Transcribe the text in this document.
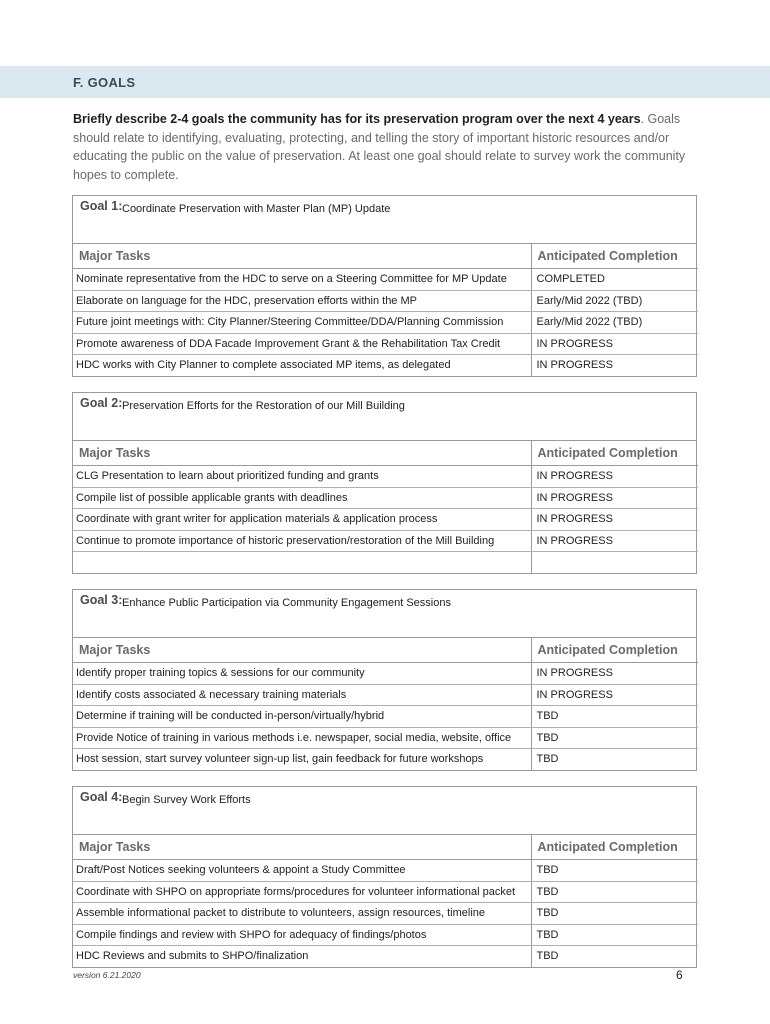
F. GOALS
Briefly describe 2-4 goals the community has for its preservation program over the next 4 years. Goals should relate to identifying, evaluating, protecting, and telling the story of important historic resources and/or educating the public on the value of preservation. At least one goal should relate to survey work the community hopes to complete.
Goal 1: Coordinate Preservation with Master Plan (MP) Update
Major Tasks	Anticipated Completion
Nominate representative from the HDC to serve on a Steering Committee for MP Update	COMPLETED
Elaborate on language for the HDC, preservation efforts within the MP	Early/Mid 2022 (TBD)
Future joint meetings with: City Planner/Steering Committee/DDA/Planning Commission	Early/Mid 2022 (TBD)
Promote awareness of DDA Facade Improvement Grant & the Rehabilitation Tax Credit	IN PROGRESS
HDC works with City Planner to complete associated MP items, as delegated	IN PROGRESS
Goal 2: Preservation Efforts for the Restoration of our Mill Building
Major Tasks	Anticipated Completion
CLG Presentation to learn about prioritized funding and grants	IN PROGRESS
Compile list of possible applicable grants with deadlines	IN PROGRESS
Coordinate with grant writer for application materials & application process	IN PROGRESS
Continue to promote importance of historic preservation/restoration of the Mill Building	IN PROGRESS

Goal 3: Enhance Public Participation via Community Engagement Sessions
Major Tasks	Anticipated Completion
Identify proper training topics & sessions for our community	IN PROGRESS
Identify costs associated & necessary training materials	IN PROGRESS
Determine if training will be conducted in-person/virtually/hybrid	TBD
Provide Notice of training in various methods i.e. newspaper, social media, website, office	TBD
Host session, start survey volunteer sign-up list, gain feedback for future workshops	TBD
Goal 4: Begin Survey Work Efforts
Major Tasks	Anticipated Completion
Draft/Post Notices seeking volunteers & appoint a Study Committee	TBD
Coordinate with SHPO on appropriate forms/procedures for volunteer informational packet	TBD
Assemble informational packet to distribute to volunteers, assign resources, timeline	TBD
Compile findings and review with SHPO for adequacy of findings/photos	TBD
HDC Reviews and submits to SHPO/finalization	TBD
version 6.21.2020	6
